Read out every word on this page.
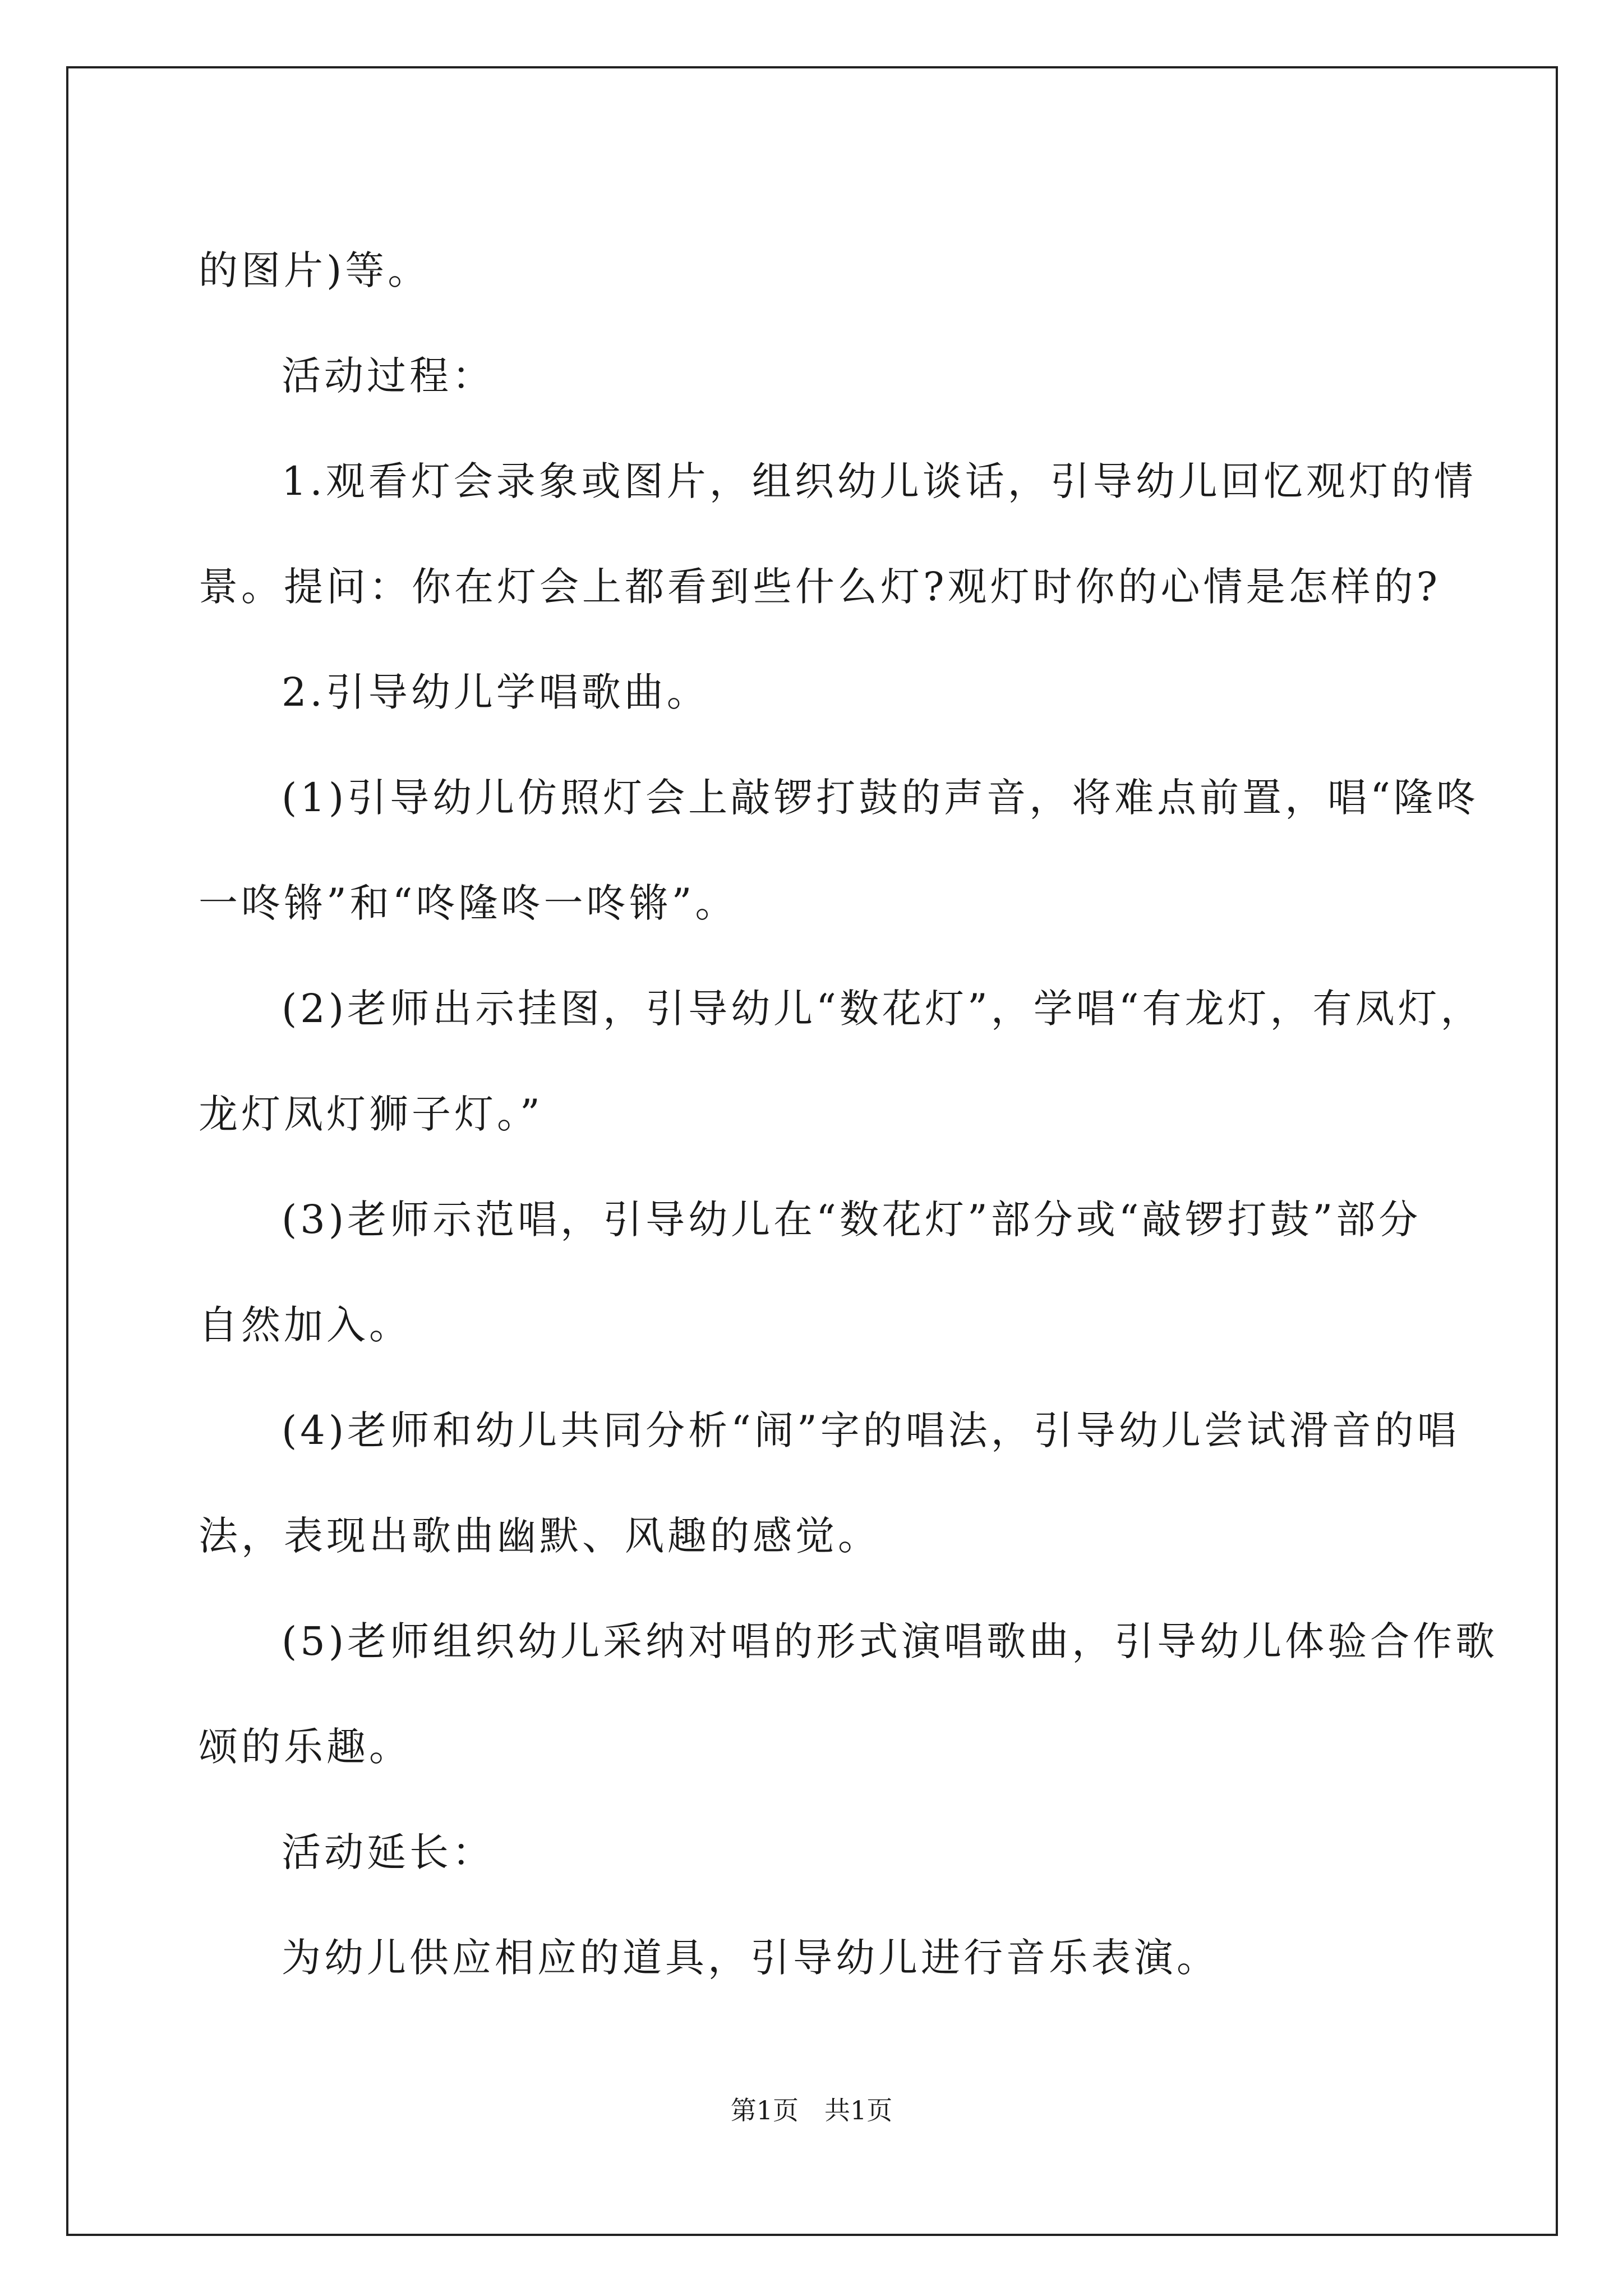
的图片)等。

活动过程：

1.观看灯会录象或图片，组织幼儿谈话，引导幼儿回忆观灯的情

景。提问：你在灯会上都看到些什么灯?观灯时你的心情是怎样的?

2.引导幼儿学唱歌曲。

(1)引导幼儿仿照灯会上敲锣打鼓的声音，将难点前置，唱“隆咚

一咚锵”和“咚隆咚一咚锵”。

(2)老师出示挂图，引导幼儿“数花灯”，学唱“有龙灯，有凤灯，

龙灯凤灯狮子灯。”

(3)老师示范唱，引导幼儿在“数花灯”部分或“敲锣打鼓”部分

自然加入。

(4)老师和幼儿共同分析“闹”字的唱法，引导幼儿尝试滑音的唱

法，表现出歌曲幽默、风趣的感觉。

(5)老师组织幼儿采纳对唱的形式演唱歌曲，引导幼儿体验合作歌

颂的乐趣。

活动延长：

为幼儿供应相应的道具，引导幼儿进行音乐表演。

第1页　共1页
